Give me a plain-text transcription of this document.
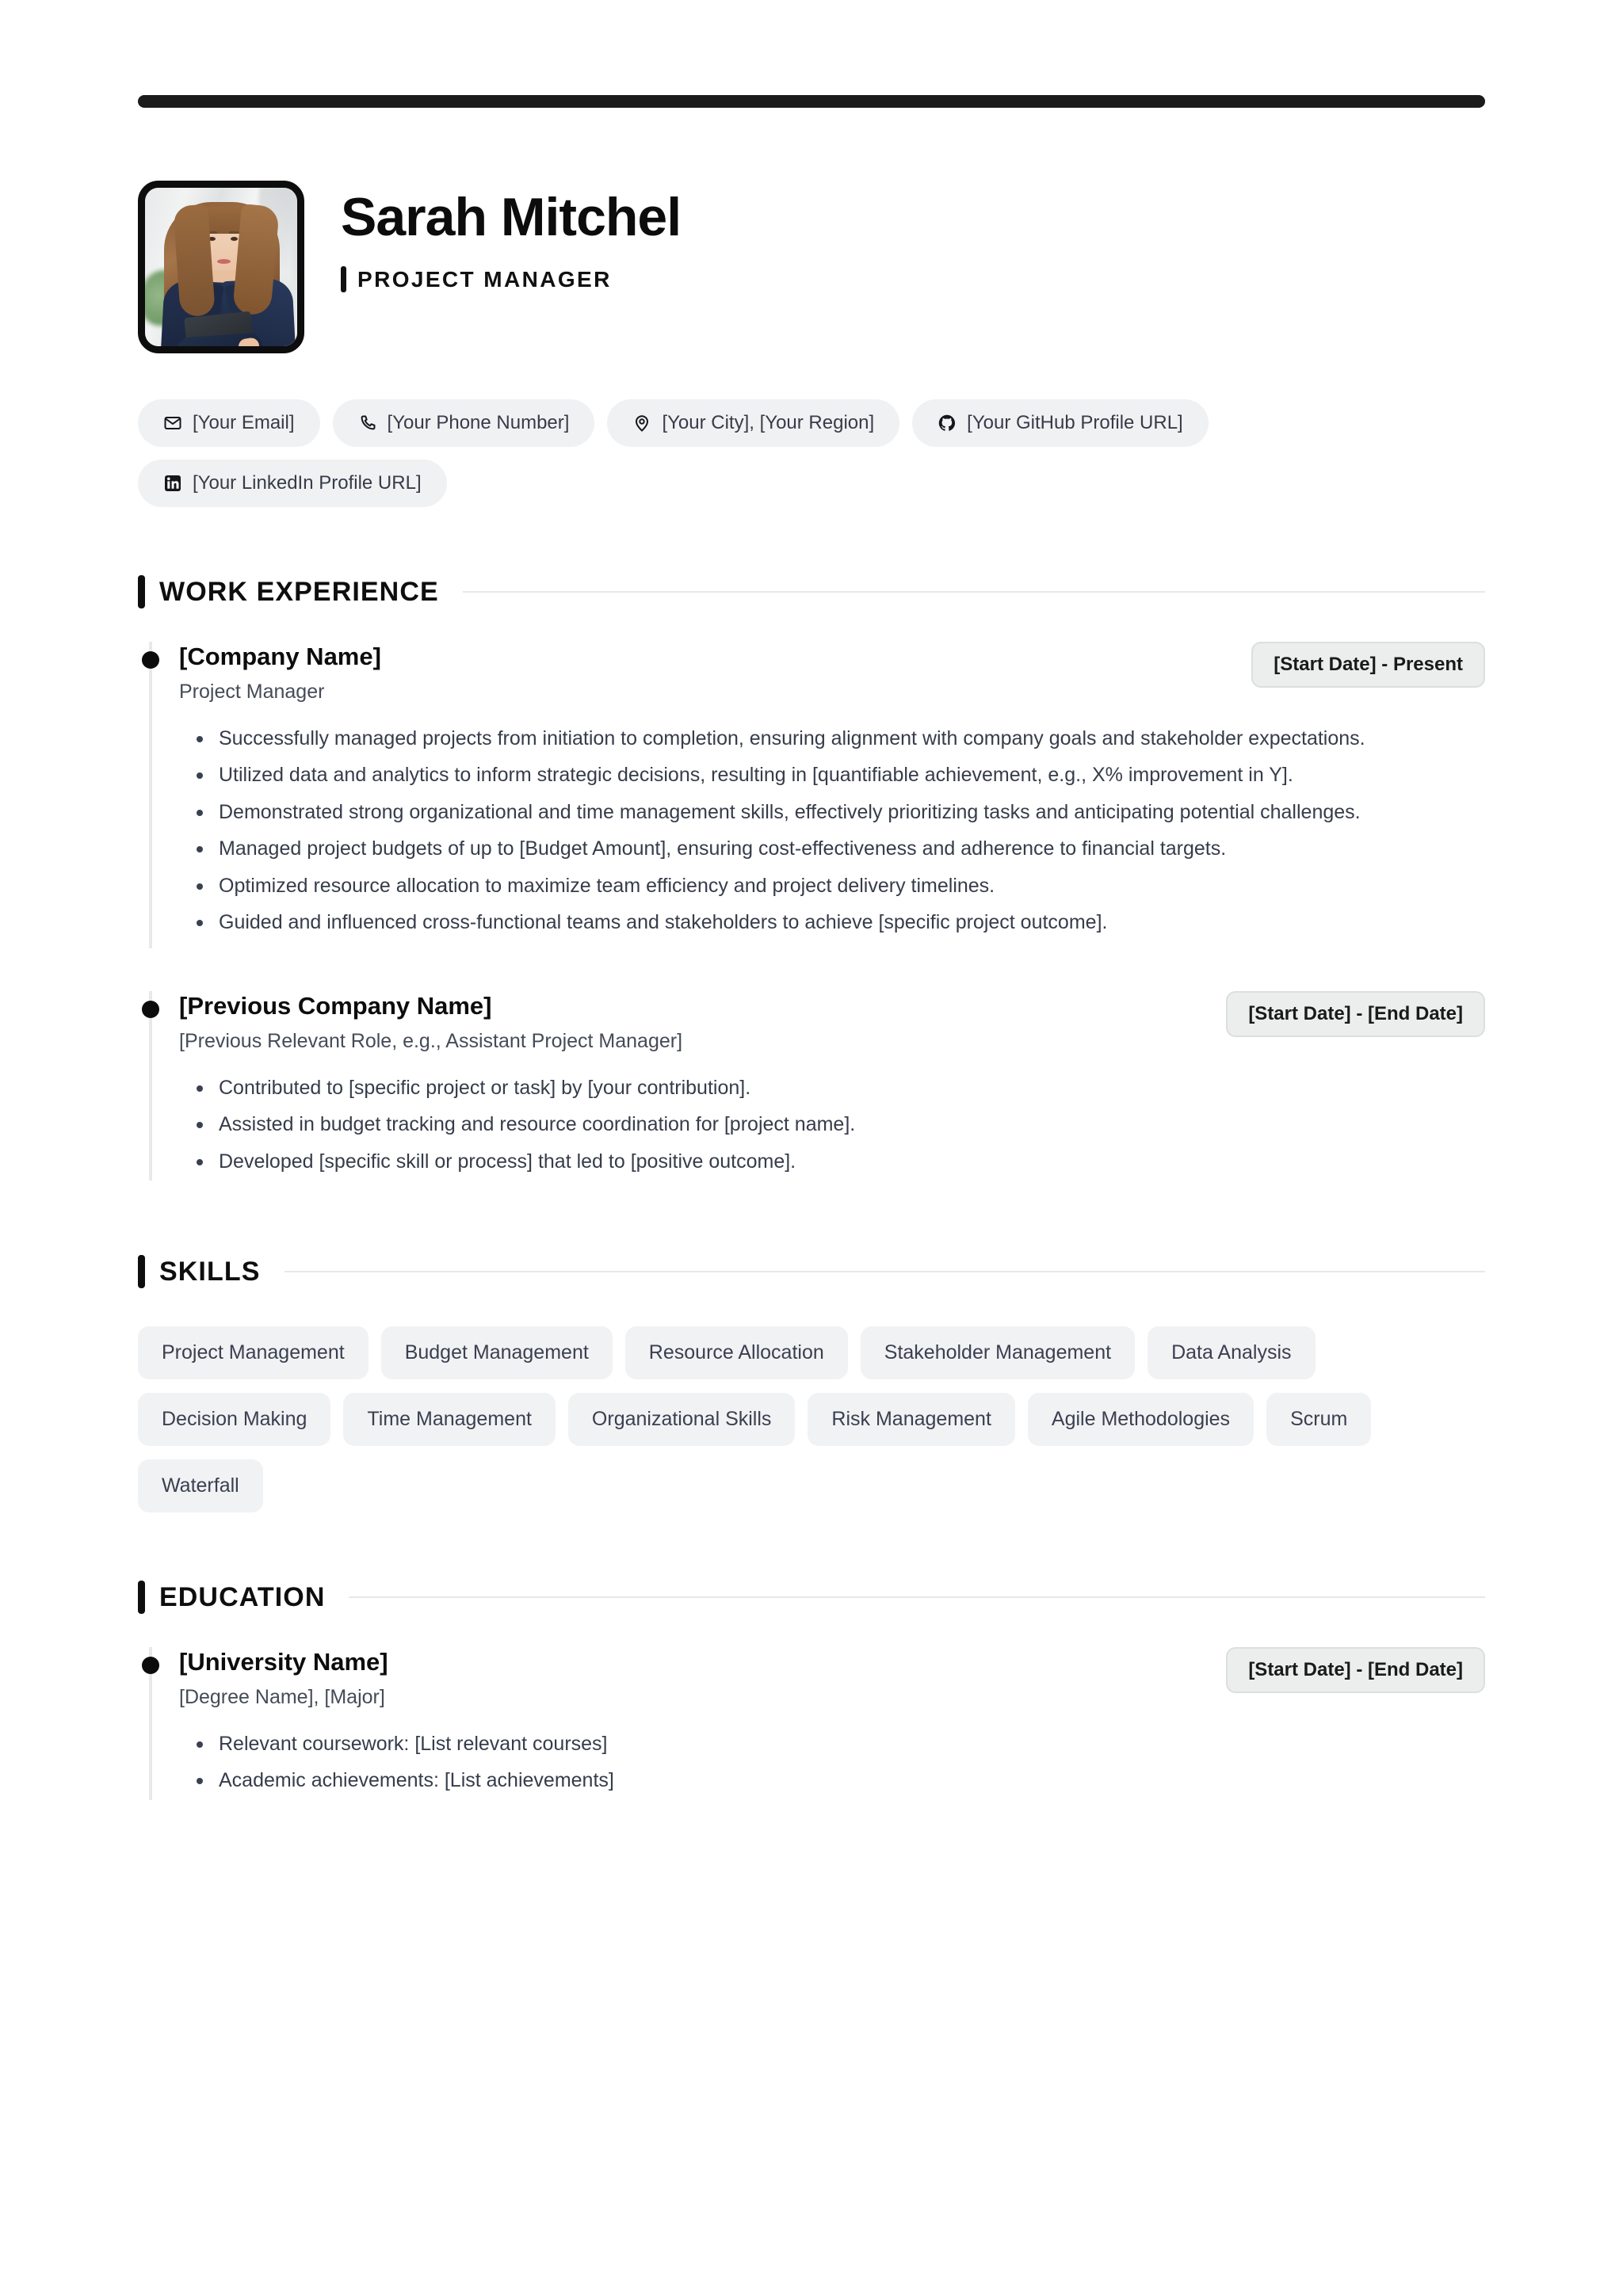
Sarah Mitchel
PROJECT MANAGER
[Your Email]	[Your Phone Number]	[Your City], [Your Region]	[Your GitHub Profile URL]
[Your LinkedIn Profile URL]
WORK EXPERIENCE
[Company Name]
Project Manager
[Start Date] - Present
Successfully managed projects from initiation to completion, ensuring alignment with company goals and stakeholder expectations.
Utilized data and analytics to inform strategic decisions, resulting in [quantifiable achievement, e.g., X% improvement in Y].
Demonstrated strong organizational and time management skills, effectively prioritizing tasks and anticipating potential challenges.
Managed project budgets of up to [Budget Amount], ensuring cost-effectiveness and adherence to financial targets.
Optimized resource allocation to maximize team efficiency and project delivery timelines.
Guided and influenced cross-functional teams and stakeholders to achieve [specific project outcome].
[Previous Company Name]
[Previous Relevant Role, e.g., Assistant Project Manager]
[Start Date] - [End Date]
Contributed to [specific project or task] by [your contribution].
Assisted in budget tracking and resource coordination for [project name].
Developed [specific skill or process] that led to [positive outcome].
SKILLS
Project Management	Budget Management	Resource Allocation	Stakeholder Management	Data Analysis
Decision Making	Time Management	Organizational Skills	Risk Management	Agile Methodologies	Scrum
Waterfall
EDUCATION
[University Name]
[Degree Name], [Major]
[Start Date] - [End Date]
Relevant coursework: [List relevant courses]
Academic achievements: [List achievements]
